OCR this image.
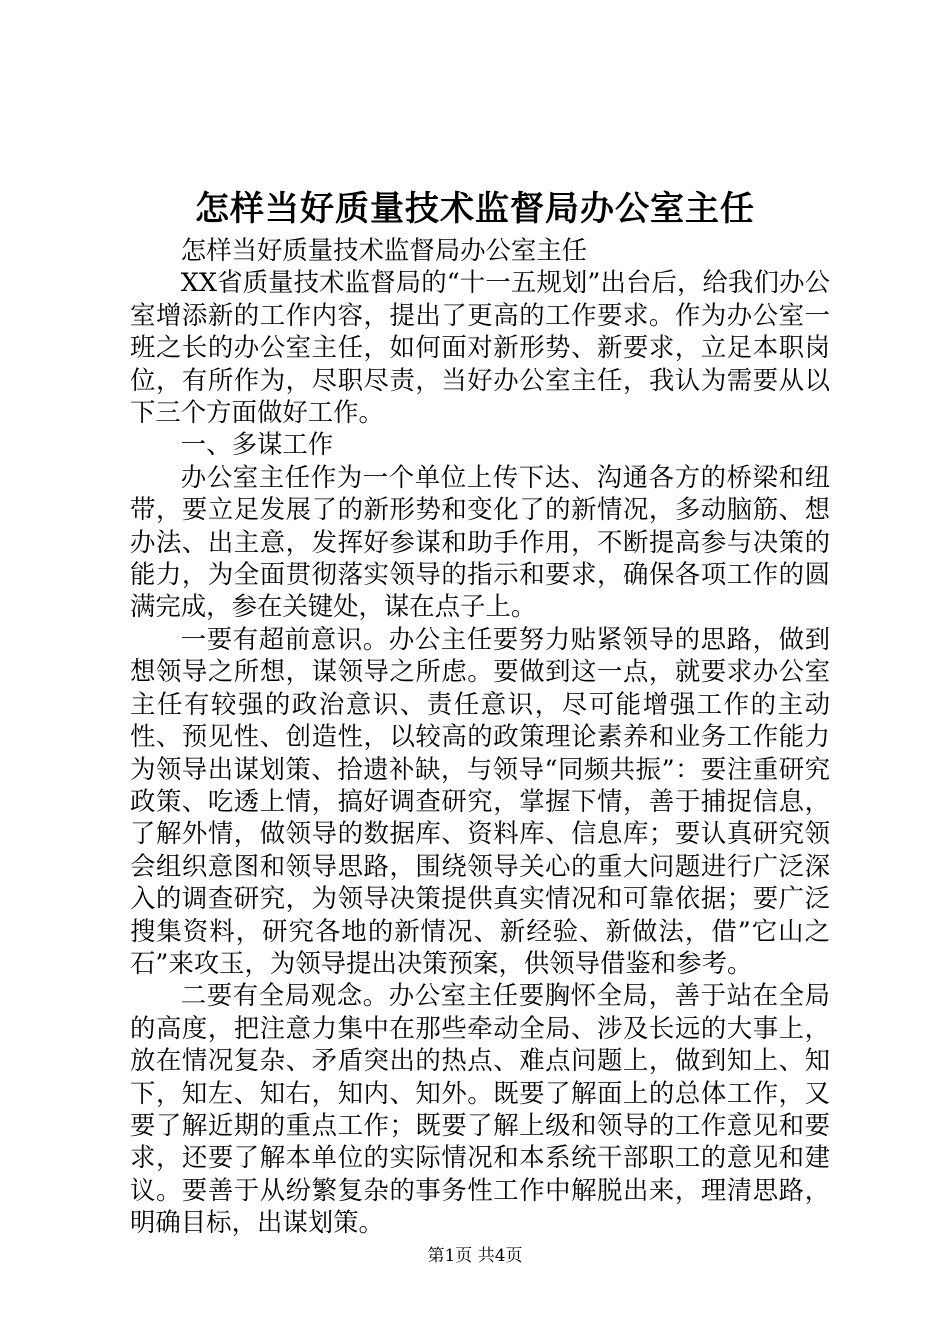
怎样当好质量技术监督局办公室主任

怎样当好质量技术监督局办公室主任

XX省质量技术监督局的“十一五规划”出台后，给我们办公室增添新的工作内容，提出了更高的工作要求。作为办公室一班之长的办公室主任，如何面对新形势、新要求，立足本职岗位，有所作为，尽职尽责，当好办公室主任，我认为需要从以下三个方面做好工作。

一、多谋工作

办公室主任作为一个单位上传下达、沟通各方的桥梁和纽带，要立足发展了的新形势和变化了的新情况，多动脑筋、想办法、出主意，发挥好参谋和助手作用，不断提高参与决策的能力，为全面贯彻落实领导的指示和要求，确保各项工作的圆满完成，参在关键处，谋在点子上。

一要有超前意识。办公主任要努力贴紧领导的思路，做到想领导之所想，谋领导之所虑。要做到这一点，就要求办公室主任有较强的政治意识、责任意识，尽可能增强工作的主动性、预见性、创造性，以较高的政策理论素养和业务工作能力为领导出谋划策、拾遗补缺，与领导“同频共振”：要注重研究政策、吃透上情，搞好调查研究，掌握下情，善于捕捉信息，了解外情，做领导的数据库、资料库、信息库；要认真研究领会组织意图和领导思路，围绕领导关心的重大问题进行广泛深入的调查研究，为领导决策提供真实情况和可靠依据；要广泛搜集资料，研究各地的新情况、新经验、新做法，借”它山之石”来攻玉，为领导提出决策预案，供领导借鉴和参考。

二要有全局观念。办公室主任要胸怀全局，善于站在全局的高度，把注意力集中在那些牵动全局、涉及长远的大事上，放在情况复杂、矛盾突出的热点、难点问题上，做到知上、知下，知左、知右，知内、知外。既要了解面上的总体工作，又要了解近期的重点工作；既要了解上级和领导的工作意见和要求，还要了解本单位的实际情况和本系统干部职工的意见和建议。要善于从纷繁复杂的事务性工作中解脱出来，理清思路，明确目标，出谋划策。

第1页 共4页
